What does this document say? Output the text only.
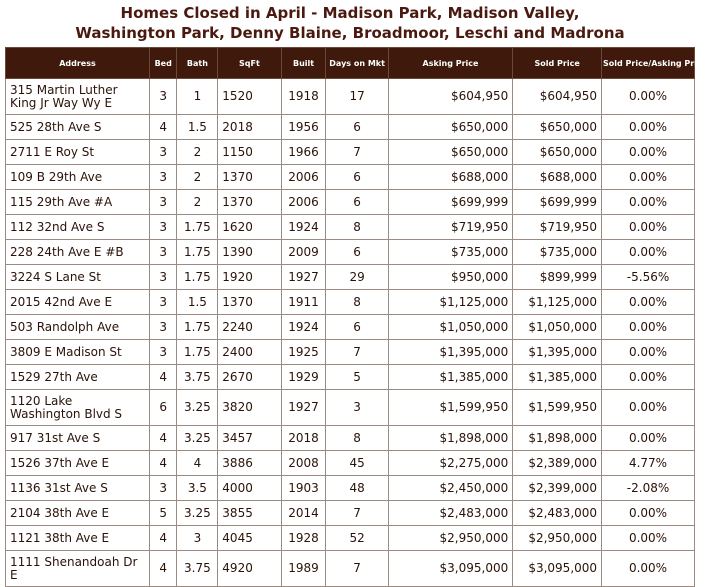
Homes Closed in April - Madison Park, Madison Valley,
Washington Park, Denny Blaine, Broadmoor, Leschi and Madrona
Address	Bed	Bath	SqFt	Built	Days on Mkt	Asking Price	Sold Price	Sold Price/Asking Price
315 Martin Luther King Jr Way Wy E	3	1	1520	1918	17	$604,950	$604,950	0.00%
525 28th Ave S	4	1.5	2018	1956	6	$650,000	$650,000	0.00%
2711 E Roy St	3	2	1150	1966	7	$650,000	$650,000	0.00%
109 B 29th Ave	3	2	1370	2006	6	$688,000	$688,000	0.00%
115 29th Ave #A	3	2	1370	2006	6	$699,999	$699,999	0.00%
112 32nd Ave S	3	1.75	1620	1924	8	$719,950	$719,950	0.00%
228 24th Ave E #B	3	1.75	1390	2009	6	$735,000	$735,000	0.00%
3224 S Lane St	3	1.75	1920	1927	29	$950,000	$899,999	-5.56%
2015 42nd Ave E	3	1.5	1370	1911	8	$1,125,000	$1,125,000	0.00%
503 Randolph Ave	3	1.75	2240	1924	6	$1,050,000	$1,050,000	0.00%
3809 E Madison St	3	1.75	2400	1925	7	$1,395,000	$1,395,000	0.00%
1529 27th Ave	4	3.75	2670	1929	5	$1,385,000	$1,385,000	0.00%
1120 Lake Washington Blvd S	6	3.25	3820	1927	3	$1,599,950	$1,599,950	0.00%
917 31st Ave S	4	3.25	3457	2018	8	$1,898,000	$1,898,000	0.00%
1526 37th Ave E	4	4	3886	2008	45	$2,275,000	$2,389,000	4.77%
1136 31st Ave S	3	3.5	4000	1903	48	$2,450,000	$2,399,000	-2.08%
2104 38th Ave E	5	3.25	3855	2014	7	$2,483,000	$2,483,000	0.00%
1121 38th Ave E	4	3	4045	1928	52	$2,950,000	$2,950,000	0.00%
1111 Shenandoah Dr E	4	3.75	4920	1989	7	$3,095,000	$3,095,000	0.00%
